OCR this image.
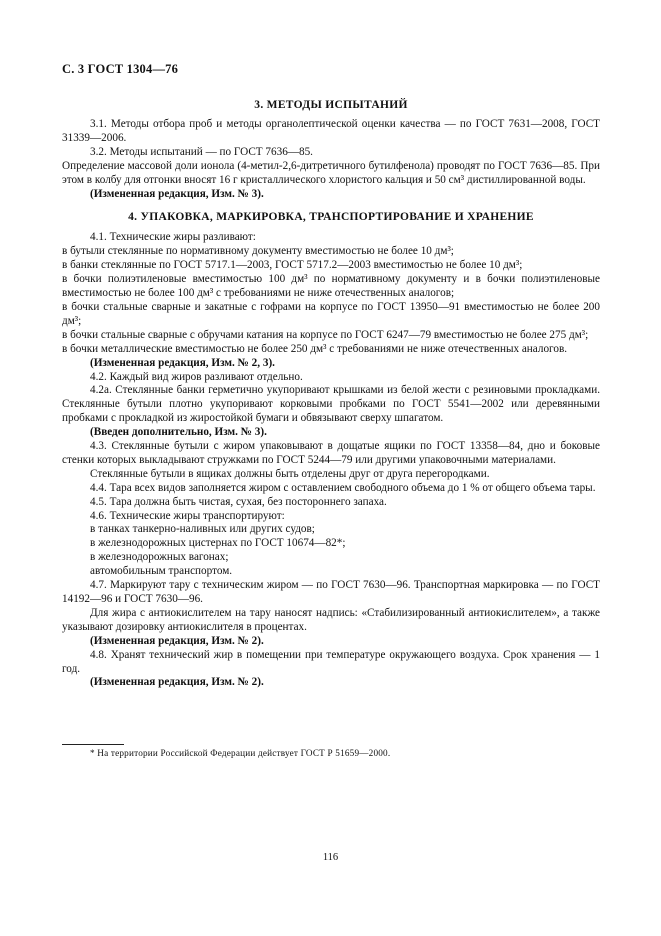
С. 3 ГОСТ 1304—76
3. МЕТОДЫ ИСПЫТАНИЙ

3.1. Методы отбора проб и методы органолептической оценки качества — по ГОСТ 7631—2008, ГОСТ 31339—2006.

3.2. Методы испытаний — по ГОСТ 7636—85.

Определение массовой доли ионола (4-метил-2,6-дитретичного бутилфенола) проводят по ГОСТ 7636—85. При этом в колбу для отгонки вносят 16 г кристаллического хлористого кальция и 50 см³ дистиллированной воды.

(Измененная редакция, Изм. № 3).

4. УПАКОВКА, МАРКИРОВКА, ТРАНСПОРТИРОВАНИЕ И ХРАНЕНИЕ

4.1. Технические жиры разливают:

в бутыли стеклянные по нормативному документу вместимостью не более 10 дм³;

в банки стеклянные по ГОСТ 5717.1—2003, ГОСТ 5717.2—2003 вместимостью не более 10 дм³;

в бочки полиэтиленовые вместимостью 100 дм³ по нормативному документу и в бочки полиэтиленовые вместимостью не более 100 дм³ с требованиями не ниже отечественных аналогов;

в бочки стальные сварные и закатные с гофрами на корпусе по ГОСТ 13950—91 вместимостью не более 200 дм³;

в бочки стальные сварные с обручами катания на корпусе по ГОСТ 6247—79 вместимостью не более 275 дм³;

в бочки металлические вместимостью не более 250 дм³ с требованиями не ниже отечественных аналогов.

(Измененная редакция, Изм. № 2, 3).

4.2. Каждый вид жиров разливают отдельно.

4.2а. Стеклянные банки герметично укупоривают крышками из белой жести с резиновыми прокладками. Стеклянные бутыли плотно укупоривают корковыми пробками по ГОСТ 5541—2002 или деревянными пробками с прокладкой из жиростойкой бумаги и обвязывают сверху шпагатом.

(Введен дополнительно, Изм. № 3).

4.3. Стеклянные бутыли с жиром упаковывают в дощатые ящики по ГОСТ 13358—84, дно и боковые стенки которых выкладывают стружками по ГОСТ 5244—79 или другими упаковочными материалами.

Стеклянные бутыли в ящиках должны быть отделены друг от друга перегородками.

4.4. Тара всех видов заполняется жиром с оставлением свободного объема до 1 % от общего объема тары.

4.5. Тара должна быть чистая, сухая, без постороннего запаха.

4.6. Технические жиры транспортируют:

в танках танкерно-наливных или других судов;

в железнодорожных цистернах по ГОСТ 10674—82*;

в железнодорожных вагонах;

автомобильным транспортом.

4.7. Маркируют тару с техническим жиром — по ГОСТ 7630—96. Транспортная маркировка — по ГОСТ 14192—96 и ГОСТ 7630—96.

Для жира с антиокислителем на тару наносят надпись: «Стабилизированный антиокислителем», а также указывают дозировку антиокислителя в процентах.

(Измененная редакция, Изм. № 2).

4.8. Хранят технический жир в помещении при температуре окружающего воздуха. Срок хранения — 1 год.

(Измененная редакция, Изм. № 2).

* На территории Российской Федерации действует ГОСТ Р 51659—2000.
116
